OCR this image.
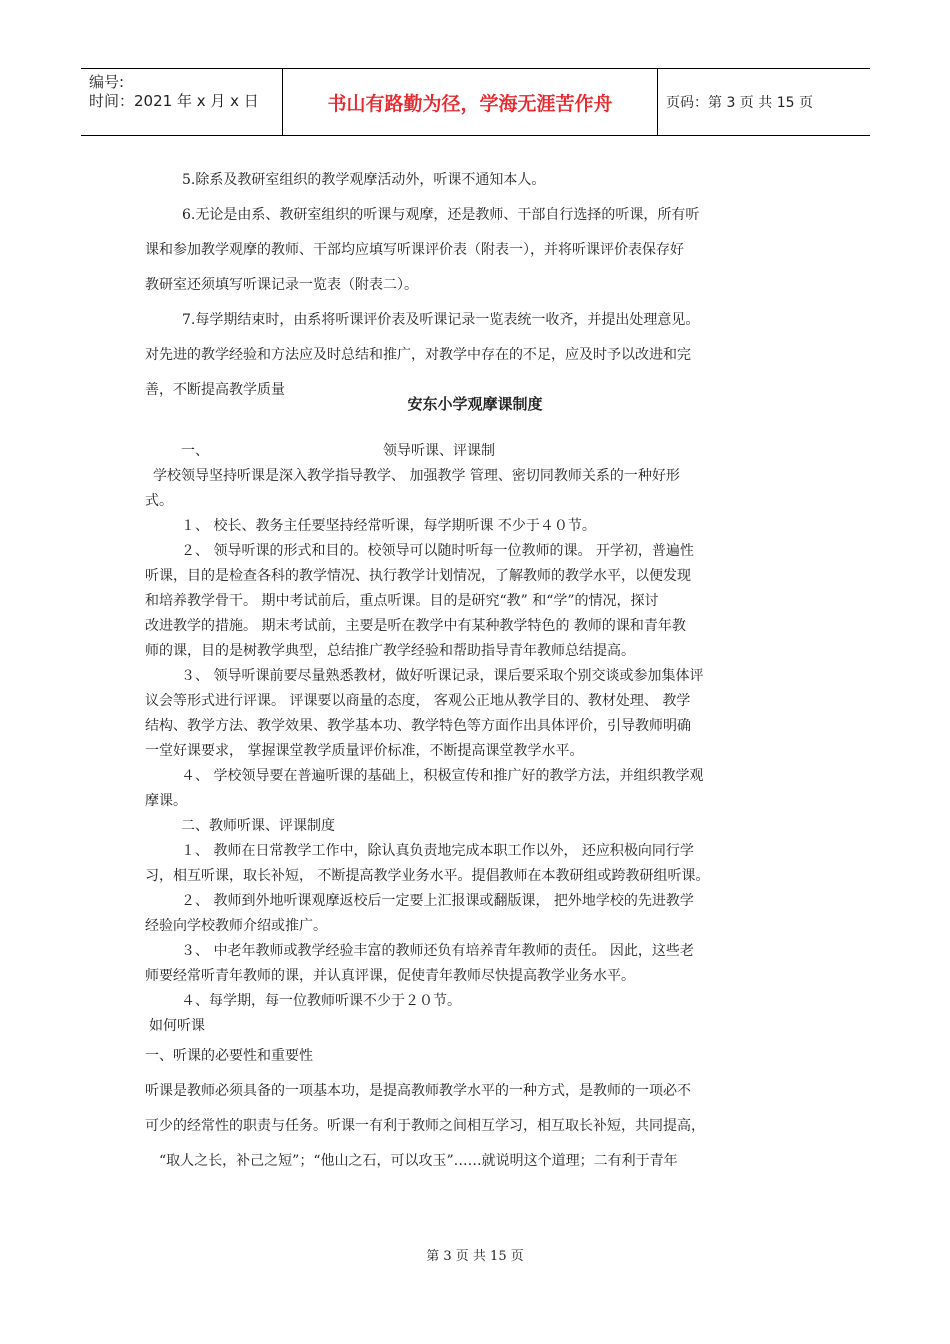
编号:
时间：2021 年 x 月 x 日	书山有路勤为径，学海无涯苦作舟	页码：第 3 页 共 15 页

5.除系及教研室组织的教学观摩活动外，听课不通知本人。

6.无论是由系、教研室组织的听课与观摩，还是教师、干部自行选择的听课，所有听

课和参加教学观摩的教师、干部均应填写听课评价表（附表一），并将听课评价表保存好

教研室还须填写听课记录一览表（附表二）。

7.每学期结束时，由系将听课评价表及听课记录一览表统一收齐，并提出处理意见。

对先进的教学经验和方法应及时总结和推广，对教学中存在的不足，应及时予以改进和完

善，不断提高教学质量

安东小学观摩课制度

一、	领导听课、评课制

学校领导坚持听课是深入教学指导教学、 加强教学 管理、密切同教师关系的一种好形

式。

１、 校长、教务主任要坚持经常听课，每学期听课 不少于４０节。

２、 领导听课的形式和目的。校领导可以随时听每一位教师的课。 开学初，普遍性

听课，目的是检查各科的教学情况、执行教学计划情况，了解教师的教学水平，以便发现

和培养教学骨干。 期中考试前后，重点听课。目的是研究“教” 和“学”的情况，探讨

改进教学的措施。 期末考试前，主要是听在教学中有某种教学特色的 教师的课和青年教

师的课，目的是树教学典型，总结推广教学经验和帮助指导青年教师总结提高。

３、 领导听课前要尽量熟悉教材，做好听课记录，课后要采取个别交谈或参加集体评

议会等形式进行评课。 评课要以商量的态度， 客观公正地从教学目的、教材处理、 教学

结构、教学方法、教学效果、教学基本功、教学特色等方面作出具体评价，引导教师明确

一堂好课要求， 掌握课堂教学质量评价标准，不断提高课堂教学水平。

４、 学校领导要在普遍听课的基础上，积极宣传和推广好的教学方法，并组织教学观

摩课。

二、教师听课、评课制度

１、 教师在日常教学工作中，除认真负责地完成本职工作以外， 还应积极向同行学

习，相互听课，取长补短， 不断提高教学业务水平。提倡教师在本教研组或跨教研组听课。

２、 教师到外地听课观摩返校后一定要上汇报课或翻版课， 把外地学校的先进教学

经验向学校教师介绍或推广。

３、 中老年教师或教学经验丰富的教师还负有培养青年教师的责任。 因此，这些老

师要经常听青年教师的课，并认真评课，促使青年教师尽快提高教学业务水平。

４、每学期，每一位教师听课不少于２０节。

如何听课

一、听课的必要性和重要性

听课是教师必须具备的一项基本功，是提高教师教学水平的一种方式，是教师的一项必不

可少的经常性的职责与任务。听课一有利于教师之间相互学习，相互取长补短，共同提高，

“取人之长，补己之短”；“他山之石，可以攻玉”……就说明这个道理；二有利于青年

第 3 页 共 15 页
